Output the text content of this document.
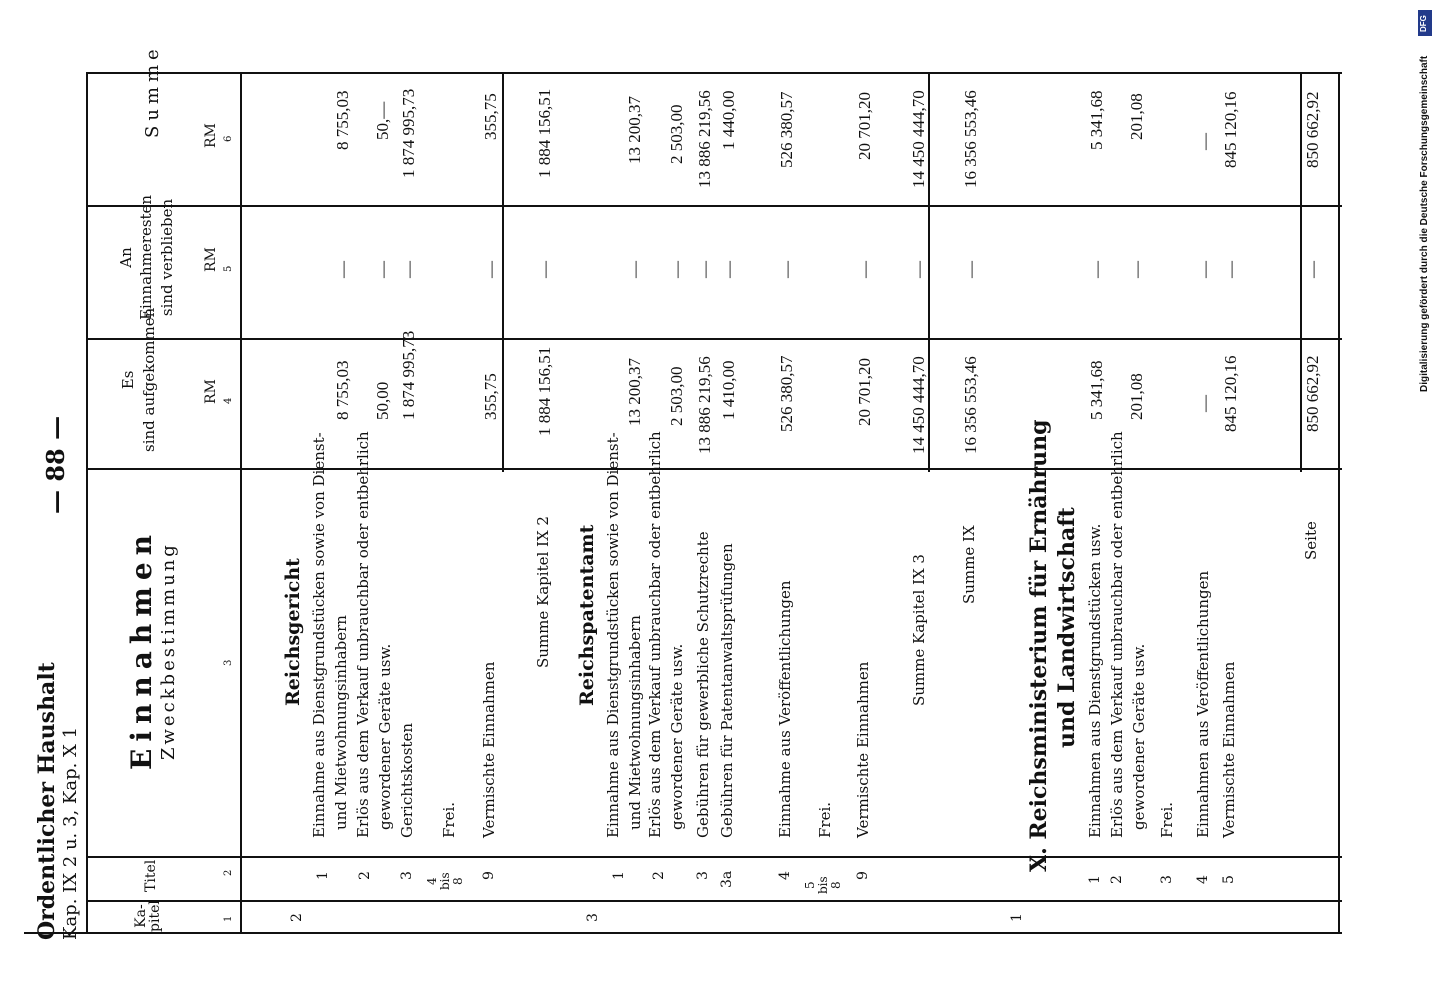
Ordentlicher Haushalt Kap. IX 2 u. 3, Kap. X 1
— 88 —
Ka-
pitel
Titel
Einnahmen Zweckbestimmung
Es
sind aufgekommen
An
Einnahmeresten
sind verblieben
Summe
RM
RM
RM
1
2
3
4
5
6
2
Reichsgericht
1
Einnahme aus Dienstgrundstücken sowie von Dienst- und Mietwohnungsinhabern
8 755,03
—
8 755,03
2
Erlös aus dem Verkauf unbrauchbar oder entbehrlich gewordener Geräte usw.
50,00
—
50,—
3
Gerichtskosten
1 874 995,73
—
1 874 995,73
4
bis
8
Frei.
9
Vermischte Einnahmen
355,75
—
355,75
Summe Kapitel IX 2
1 884 156,51
—
1 884 156,51
3
Reichspatentamt
1
Einnahme aus Dienstgrundstücken sowie von Dienst- und Mietwohnungsinhabern
13 200,37
—
13 200,37
2
Erlös aus dem Verkauf unbrauchbar oder entbehrlich gewordener Geräte usw.
2 503,00
—
2 503,00
3
Gebühren für gewerbliche Schutzrechte
13 886 219,56
—
13 886 219,56
3a
Gebühren für Patentanwaltsprüfungen
1 410,00
—
1 440,00
4
Einnahme aus Veröffentlichungen
526 380,57
—
526 380,57
5
bis
8
Frei.
9
Vermischte Einnahmen
20 701,20
—
20 701,20
Summe Kapitel IX 3
14 450 444,70
—
14 450 444,70
Summe IX
16 356 553,46
—
16 356 553,46
1
X. Reichsministerium für Ernährung und Landwirtschaft
1
Einnahmen aus Dienstgrundstücken usw.
5 341,68
—
5 341,68
2
Erlös aus dem Verkauf unbrauchbar oder entbehrlich gewordener Geräte usw.
201,08
—
201,08
3
Frei.
4
Einnahmen aus Veröffentlichungen
—
—
—
5
Vermischte Einnahmen
845 120,16
—
845 120,16
Seite
850 662,92
—
850 662,92	Digitalisierung gefördert durch die Deutsche Forschungsgemeinschaft
DFG
